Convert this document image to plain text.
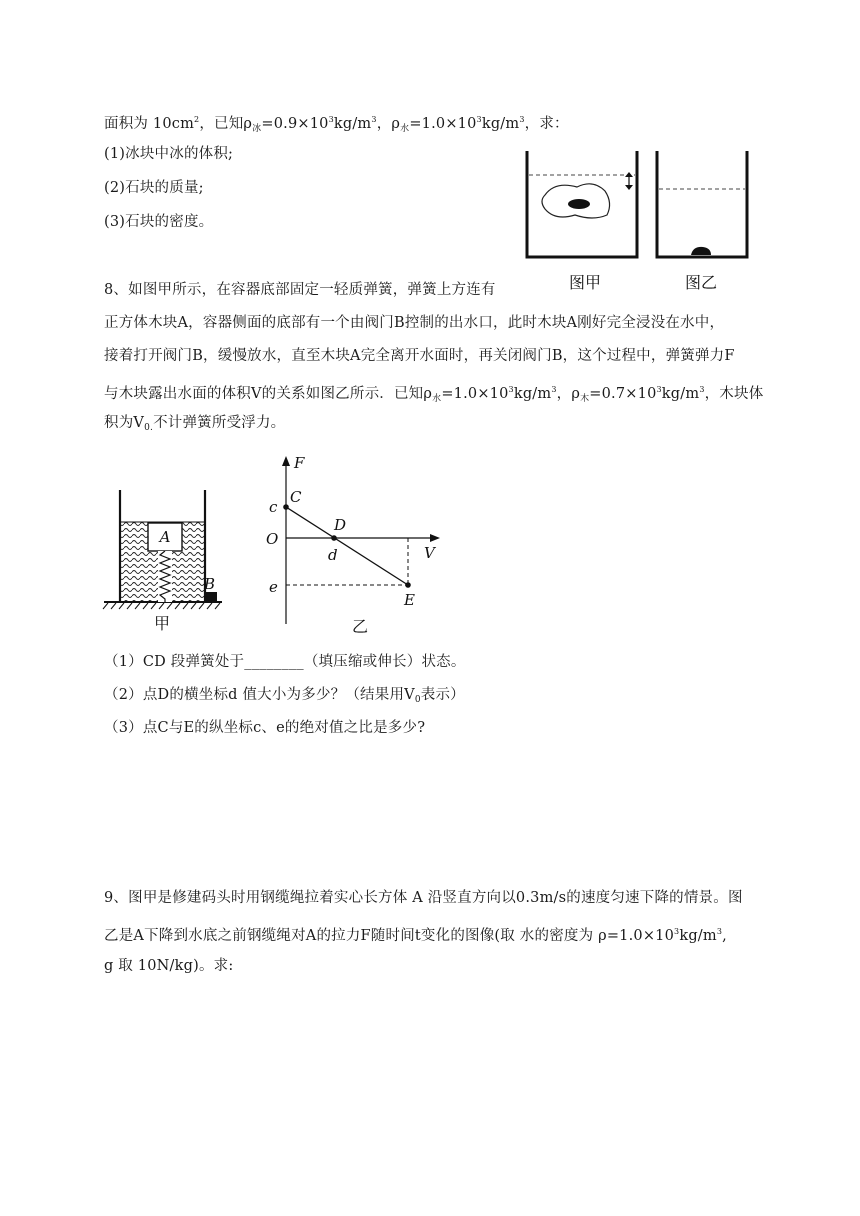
面积为 $10cm^2$，已知$\rho_冰=0.9\times 10^3kg/m^3$，$\rho_水=1.0\times 10^3kg/m^3$，求：
(1)冰块中冰的体积;
(2)石块的质量;
(3)石块的密度。
图甲	图乙
8、如图甲所示，在容器底部固定一轻质弹簧，弹簧上方连有
正方体木块A，容器侧面的底部有一个由阀门B控制的出水口，此时木块A刚好完全浸没在水中，
接着打开阀门B，缓慢放水，直至木块A完全离开水面时，再关闭阀门B，这个过程中，弹簧弹力F
与木块露出水面的体积V的关系如图乙所示．已知$\rho_水=1.0\times 10^3kg/m^3$，$\rho_木=0.7\times 10^3kg/m^3$，木块体
积为$V_{0.}$不计弹簧所受浮力。
A
B
甲
F
V
O
c
e
d
C
D
E
乙
（1）CD 段弹簧处于________（填压缩或伸长）状态。
（2）点D的横坐标d 值大小为多少？（结果用$V_0$表示）
（3）点C与E的纵坐标c、e的绝对值之比是多少?
9、图甲是修建码头时用钢缆绳拉着实心长方体 A 沿竖直方向以0.3m/s的速度匀速下降的情景。图
乙是A下降到水底之前钢缆绳对A的拉力F随时间t变化的图像(取 水的密度为 $\rho=1.0\times 10^3kg/m^3$,
g 取 10N/kg)。求:
